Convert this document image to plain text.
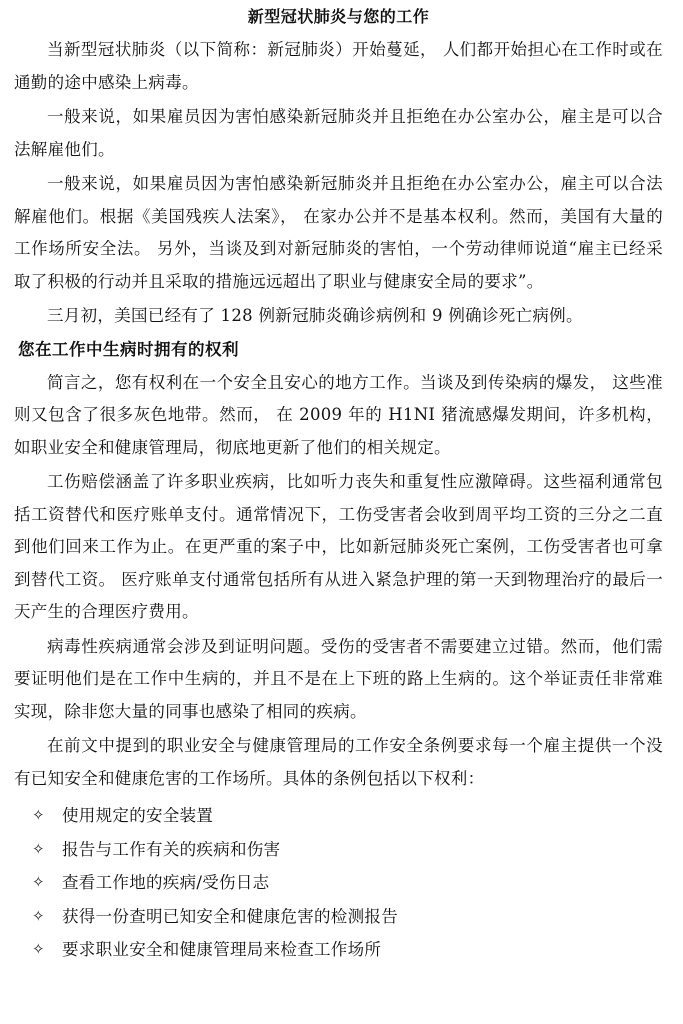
新型冠状肺炎与您的工作

当新型冠状肺炎（以下简称：新冠肺炎）开始蔓延， 人们都开始担心在工作时或在通勤的途中感染上病毒。

一般来说，如果雇员因为害怕感染新冠肺炎并且拒绝在办公室办公，雇主是可以合法解雇他们。

一般来说，如果雇员因为害怕感染新冠肺炎并且拒绝在办公室办公，雇主可以合法解雇他们。根据《美国残疾人法案》， 在家办公并不是基本权利。然而，美国有大量的工作场所安全法。 另外，当谈及到对新冠肺炎的害怕，一个劳动律师说道“雇主已经采取了积极的行动并且采取的措施远远超出了职业与健康安全局的要求”。

三月初，美国已经有了 128 例新冠肺炎确诊病例和 9 例确诊死亡病例。

您在工作中生病时拥有的权利

简言之，您有权利在一个安全且安心的地方工作。当谈及到传染病的爆发， 这些准则又包含了很多灰色地带。然而， 在 2009 年的 H1NI 猪流感爆发期间，许多机构，如职业安全和健康管理局，彻底地更新了他们的相关规定。

工伤赔偿涵盖了许多职业疾病，比如听力丧失和重复性应激障碍。这些福利通常包括工资替代和医疗账单支付。通常情况下，工伤受害者会收到周平均工资的三分之二直到他们回来工作为止。在更严重的案子中，比如新冠肺炎死亡案例，工伤受害者也可拿到替代工资。 医疗账单支付通常包括所有从进入紧急护理的第一天到物理治疗的最后一天产生的合理医疗费用。

病毒性疾病通常会涉及到证明问题。受伤的受害者不需要建立过错。然而，他们需要证明他们是在工作中生病的，并且不是在上下班的路上生病的。这个举证责任非常难实现，除非您大量的同事也感染了相同的疾病。

在前文中提到的职业安全与健康管理局的工作安全条例要求每一个雇主提供一个没有已知安全和健康危害的工作场所。具体的条例包括以下权利：

✧	使用规定的安全装置
✧	报告与工作有关的疾病和伤害
✧	查看工作地的疾病/受伤日志
✧	获得一份查明已知安全和健康危害的检测报告
✧	要求职业安全和健康管理局来检查工作场所
